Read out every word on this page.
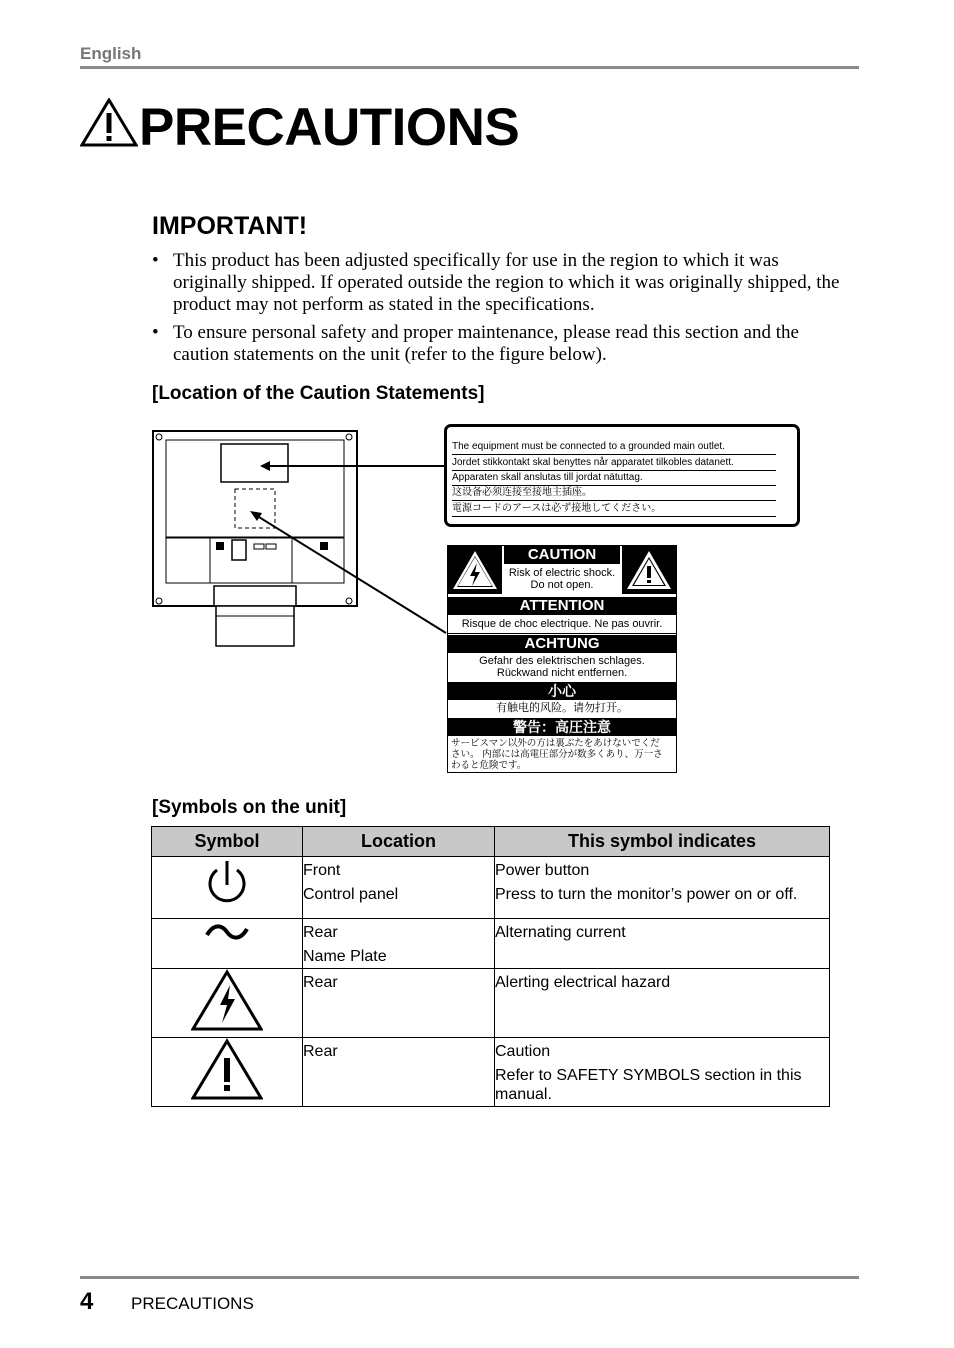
English
PRECAUTIONS
IMPORTANT!
• This product has been adjusted specifically for use in the region to which it was originally shipped. If operated outside the region to which it was originally shipped, the product may not perform as stated in the specifications.
• To ensure personal safety and proper maintenance, please read this section and the caution statements on the unit (refer to the figure below).
[Location of the Caution Statements]
The equipment must be connected to a grounded main outlet.
Jordet stikkontakt skal benyttes når apparatet tilkobles datanett.
Apparaten skall anslutas till jordat nätuttag.
这设备必须连接至接地主插座。
電源コードのアースは必ず接地してください。
CAUTION
Risk of electric shock.
Do not open.
ATTENTION
Risque de choc electrique. Ne pas ouvrir.
ACHTUNG
Gefahr des elektrischen schlages.
Rückwand nicht entfernen.
小心
有触电的风险。请勿打开。
警告：高圧注意
サービスマン以外の方は裏ぶたをあけないでくだ
さい。 内部には高電圧部分が数多くあり、万一さ
わると危険です。
[Symbols on the unit]
Symbol	Location	This symbol indicates

Front
Control panel	Power button
Press to turn the monitor’s power on or off.

Rear
Name Plate	Alternating current

Rear	Alerting electrical hazard

Rear	Caution
Refer to SAFETY SYMBOLS section in this manual.
4 PRECAUTIONS
